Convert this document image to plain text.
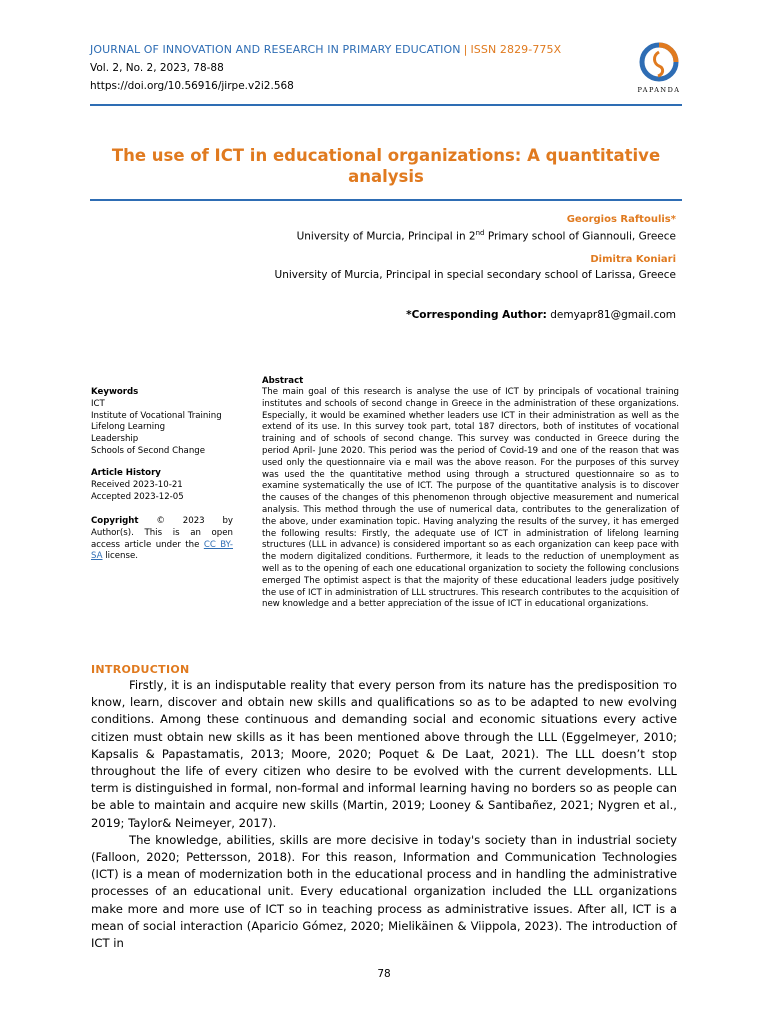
JOURNAL OF INNOVATION AND RESEARCH IN PRIMARY EDUCATION | ISSN 2829-775X
Vol. 2, No. 2, 2023, 78-88
https://doi.org/10.56916/jirpe.v2i2.568	PAPANDA
The use of ICT in educational organizations: A quantitative analysis
Georgios Raftoulis*
University of Murcia, Principal in 2nd Primary school of Giannouli, Greece
Dimitra Koniari
University of Murcia, Principal in special secondary school of Larissa, Greece
*Corresponding Author: demyapr81@gmail.com
Keywords
ICT
Institute of Vocational Training
Lifelong Learning
Leadership
Schools of Second Change
Article History
Received 2023-10-21
Accepted 2023-12-05
Copyright © 2023 by Author(s). This is an open access article under the CC BY-SA license.
Abstract
The main goal of this research is analyse the use of ICT by principals of vocational training institutes and schools of second change in Greece in the administration of these organizations. Especially, it would be examined whether leaders use ICT in their administration as well as the extend of its use. In this survey took part, total 187 directors, both of institutes of vocational training and of schools of second change. This survey was conducted in Greece during the period April- June 2020. This period was the period of Covid-19 and one of the reason that was used only the questionnaire via e mail was the above reason. For the purposes of this survey was used the the quantitative method using through a structured questionnaire so as to examine systematically the use of ICT. The purpose of the quantitative analysis is to discover the causes of the changes of this phenomenon through objective measurement and numerical analysis. This method through the use of numerical data, contributes to the generalization of the above, under examination topic. Having analyzing the results of the survey, it has emerged the following results: Firstly, the adequate use of ICT in administration of lifelong learning structures (LLL in advance) is considered important so as each organization can keep pace with the modern digitalized conditions. Furthermore, it leads to the reduction of unemployment as well as to the opening of each one educational organization to society the following conclusions emerged The optimist aspect is that the majority of these educational leaders judge positively the use of ICT in administration of LLL structrures. This research contributes to the acquisition of new knowledge and a better appreciation of the issue of ICT in educational organizations.
INTRODUCTION

Firstly, it is an indisputable reality that every person from its nature has the predisposition то know, learn, discover and obtain new skills and qualifications so as to be adapted to new evolving conditions. Among these continuous and demanding social and economic situations every active citizen must obtain new skills as it has been mentioned above through the LLL (Eggelmeyer, 2010; Kapsalis & Papastamatis, 2013; Moore, 2020; Poquet & De Laat, 2021). The LLL doesn’t stop throughout the life of every citizen who desire to be evolved with the current developments. LLL term is distinguished in formal, non-formal and informal learning having no borders so as people can be able to maintain and acquire new skills (Martin, 2019; Looney & Santibañez, 2021; Nygren et al., 2019; Taylor& Neimeyer, 2017).

The knowledge, abilities, skills are more decisive in today's society than in industrial society (Falloon, 2020; Pettersson, 2018). For this reason, Information and Communication Technologies (ICT) is a mean of modernization both in the educational process and in handling the administrative processes of an educational unit. Every educational organization included the LLL organizations make more and more use of ICT so in teaching process as administrative issues. After all, ICT is a mean of social interaction (Aparicio Gómez, 2020; Mielikäinen & Viippola, 2023). The introduction of ICT in

78
